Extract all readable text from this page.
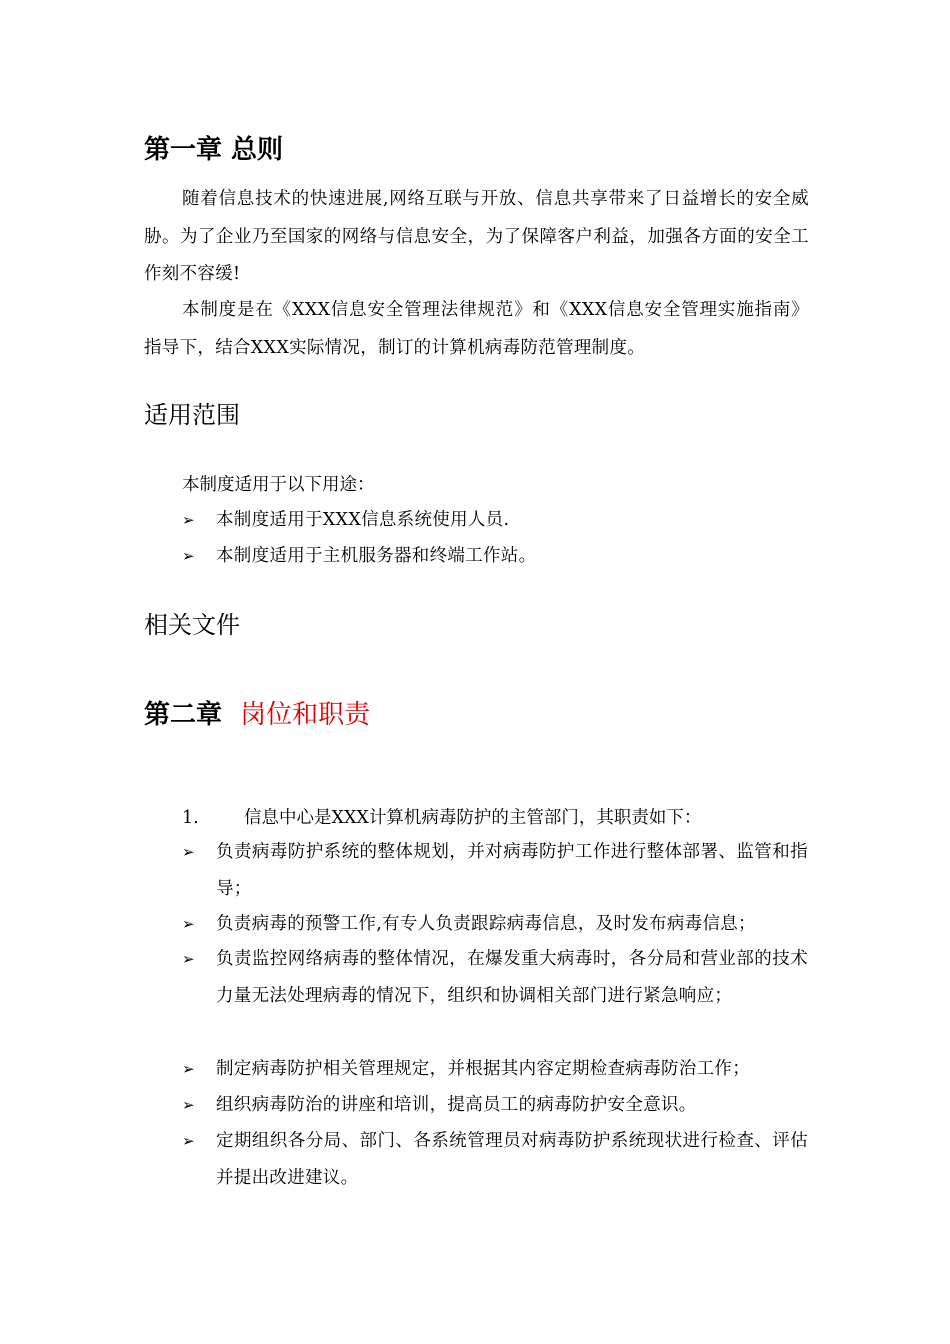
第一章 总则

随着信息技术的快速进展,网络互联与开放、信息共享带来了日益增长的安全威胁。为了企业乃至国家的网络与信息安全，为了保障客户利益，加强各方面的安全工作刻不容缓!

本制度是在《XXX信息安全管理法律规范》和《XXX信息安全管理实施指南》指导下，结合XXX实际情况，制订的计算机病毒防范管理制度。

适用范围

本制度适用于以下用途：

➢	本制度适用于XXX信息系统使用人员.
➢	本制度适用于主机服务器和终端工作站。
相关文件
第二章 岗位和职责
1.	信息中心是XXX计算机病毒防护的主管部门，其职责如下：
➢	负责病毒防护系统的整体规划，并对病毒防护工作进行整体部署、监管和指导；
➢	负责病毒的预警工作,有专人负责跟踪病毒信息，及时发布病毒信息；
➢	负责监控网络病毒的整体情况，在爆发重大病毒时，各分局和营业部的技术力量无法处理病毒的情况下，组织和协调相关部门进行紧急响应；
➢	制定病毒防护相关管理规定，并根据其内容定期检查病毒防治工作；
➢	组织病毒防治的讲座和培训，提高员工的病毒防护安全意识。
➢	定期组织各分局、部门、各系统管理员对病毒防护系统现状进行检查、评估并提出改进建议。
